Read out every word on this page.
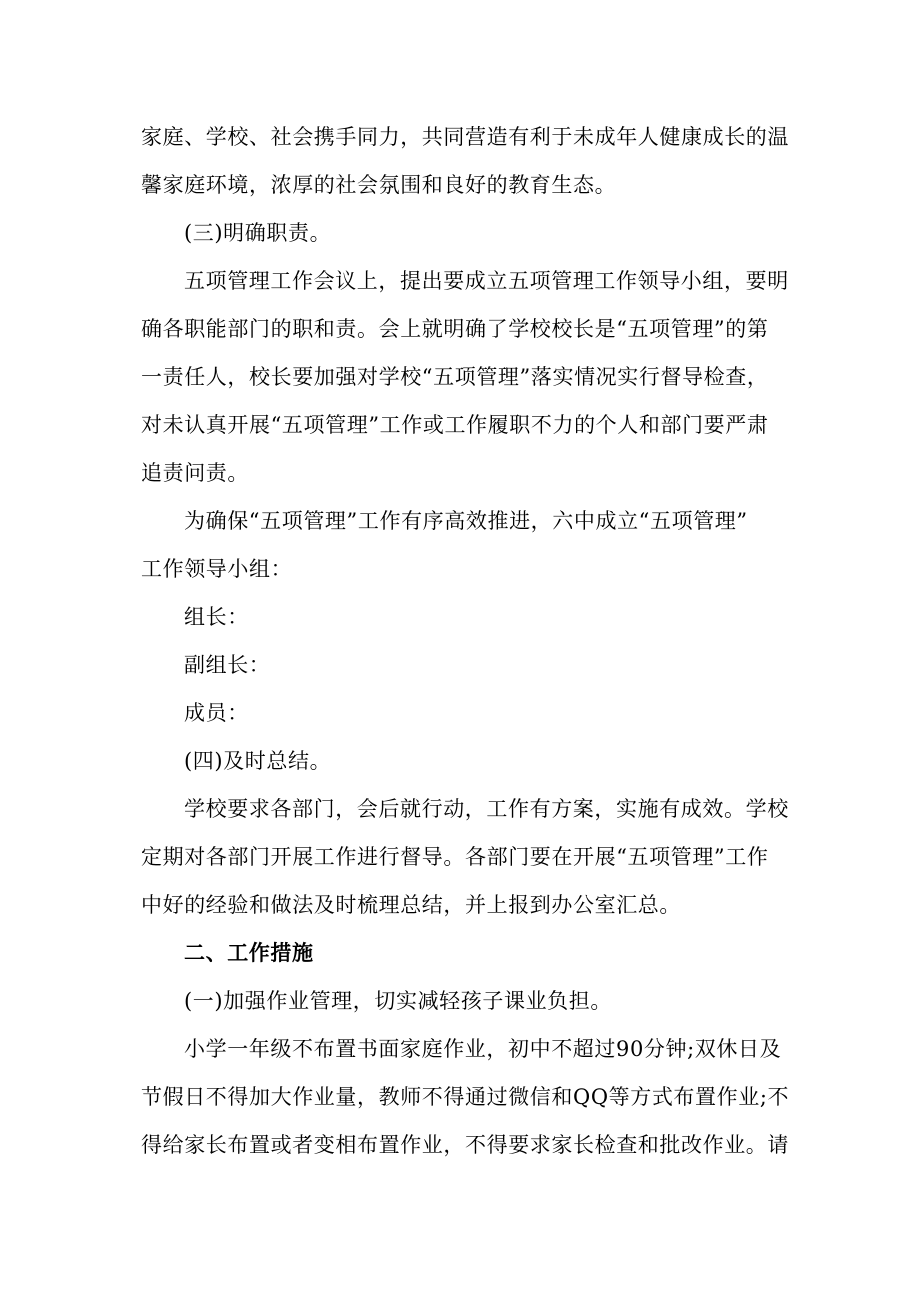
家庭、学校、社会携手同力，共同营造有利于未成年人健康成长的温
馨家庭环境，浓厚的社会氛围和良好的教育生态。
(三)明确职责。
五项管理工作会议上，提出要成立五项管理工作领导小组，要明
确各职能部门的职和责。会上就明确了学校校长是“五项管理”的第
一责任人，校长要加强对学校“五项管理”落实情况实行督导检查，
对未认真开展“五项管理”工作或工作履职不力的个人和部门要严肃
追责问责。
为确保“五项管理”工作有序高效推进，六中成立“五项管理”
工作领导小组：
组长：
副组长：
成员：
(四)及时总结。
学校要求各部门，会后就行动，工作有方案，实施有成效。学校
定期对各部门开展工作进行督导。各部门要在开展“五项管理”工作
中好的经验和做法及时梳理总结，并上报到办公室汇总。
二、工作措施
(一)加强作业管理，切实减轻孩子课业负担。
小学一年级不布置书面家庭作业，初中不超过90分钟;双休日及
节假日不得加大作业量，教师不得通过微信和QQ等方式布置作业;不
得给家长布置或者变相布置作业，不得要求家长检查和批改作业。请
